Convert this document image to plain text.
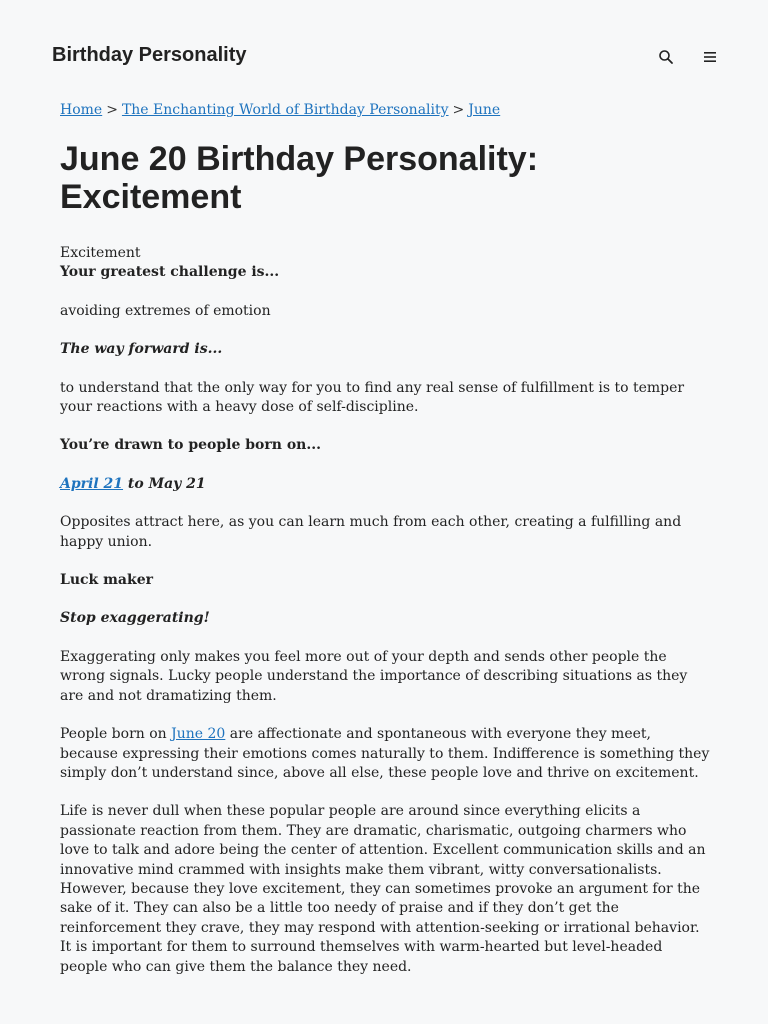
Birthday Personality
Home > The Enchanting World of Birthday Personality > June
June 20 Birthday Personality: Excitement
Excitement
Your greatest challenge is...
avoiding extremes of emotion
The way forward is...
to understand that the only way for you to find any real sense of fulfillment is to temper your reactions with a heavy dose of self-discipline.
You’re drawn to people born on...
April 21 to May 21
Opposites attract here, as you can learn much from each other, creating a fulfilling and happy union.
Luck maker
Stop exaggerating!
Exaggerating only makes you feel more out of your depth and sends other people the wrong signals. Lucky people understand the importance of describing situations as they are and not dramatizing them.
People born on June 20 are affectionate and spontaneous with everyone they meet, because expressing their emotions comes naturally to them. Indifference is something they simply don’t understand since, above all else, these people love and thrive on excitement.
Life is never dull when these popular people are around since everything elicits a passionate reaction from them. They are dramatic, charismatic, outgoing charmers who love to talk and adore being the center of attention. Excellent communication skills and an innovative mind crammed with insights make them vibrant, witty conversationalists. However, because they love excitement, they can sometimes provoke an argument for the sake of it. They can also be a little too needy of praise and if they don’t get the reinforcement they crave, they may respond with attention-seeking or irrational behavior. It is important for them to surround themselves with warm-hearted but level-headed people who can give them the balance they need.
